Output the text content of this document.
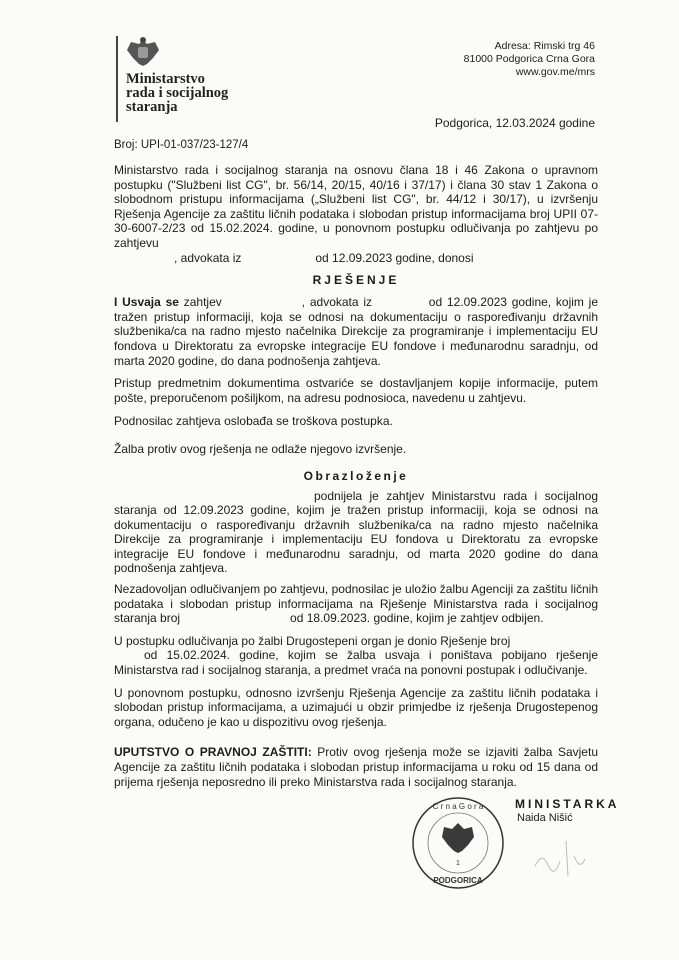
Ministarstvo
rada i socijalnog
staranja
Adresa: Rimski trg 46
81000 Podgorica Crna Gora
www.gov.me/mrs
Podgorica, 12.03.2024 godine
Broj: UPI-01-037/23-127/4

Ministarstvo rada i socijalnog staranja na osnovu člana 18 i 46 Zakona o upravnom postupku ("Službeni list CG", br. 56/14, 20/15, 40/16 i 37/17) i člana 30 stav 1 Zakona o slobodnom pristupu informacijama („Službeni list CG", br. 44/12 i 30/17), u izvršenju Rješenja Agencije za zaštitu ličnih podataka i slobodan pristup informacijama broj UPII 07-30-6007-2/23 od 15.02.2024. godine, u ponovnom postupku odlučivanja po zahtjevu po zahtjevu
, advokata iz	od 12.09.2023 godine, donosi

RJEŠENJE

I Usvaja se zahtjev	, advokata iz	od 12.09.2023 godine, kojim je tražen pristup informaciji, koja se odnosi na dokumentaciju o raspoređivanju državnih službenika/ca na radno mjesto načelnika Direkcije za programiranje i implementaciju EU fondova u Direktoratu za evropske integracije EU fondove i međunarodnu saradnju, od marta 2020 godine, do dana podnošenja zahtjeva.

Pristup predmetnim dokumentima ostvariće se dostavljanjem kopije informacije, putem pošte, preporučenom pošiljkom, na adresu podnosioca, navedenu u zahtjevu.

Podnosilac zahtjeva oslobađa se troškova postupka.

Žalba protiv ovog rješenja ne odlaže njegovo izvršenje.

Obrazloženje

podnijela je zahtjev Ministarstvu rada i socijalnog staranja od 12.09.2023 godine, kojim je tražen pristup informaciji, koja se odnosi na dokumentaciju o raspoređivanju državnih službenika/ca na radno mjesto načelnika Direkcije za programiranje i implementaciju EU fondova u Direktoratu za evropske integracije EU fondove i međunarodnu saradnju, od marta 2020 godine do dana podnošenja zahtjeva.

Nezadovoljan odlučivanjem po zahtjevu, podnosilac je uložio žalbu Agenciji za zaštitu ličnih podataka i slobodan pristup informacijama na Rješenje Ministarstva rada i socijalnog staranja broj	od 18.09.2023. godine, kojim je zahtjev odbijen.

U postupku odlučivanja po žalbi Drugostepeni organ je donio Rješenje broj
od 15.02.2024. godine, kojim se žalba usvaja i poništava pobijano rješenje Ministarstva rad i socijalnog staranja, a predmet vraća na ponovni postupak i odlučivanje.

U ponovnom postupku, odnosno izvršenju Rješenja Agencije za zaštitu ličnih podataka i slobodan pristup informacijama, a uzimajući u obzir primjedbe iz rješenja Drugostepenog organa, odučeno je kao u dispozitivu ovog rješenja.

UPUTSTVO O PRAVNOJ ZAŠTITI: Protiv ovog rješenja može se izjaviti žalba Savjetu Agencije za zaštitu ličnih podataka i slobodan pristup informacijama u roku od 15 dana od prijema rješenja neposredno ili preko Ministarstva rada i socijalnog staranja.

C r n a G o r a
1
PODGORICA
MINISTARKA
Naida Nišić
